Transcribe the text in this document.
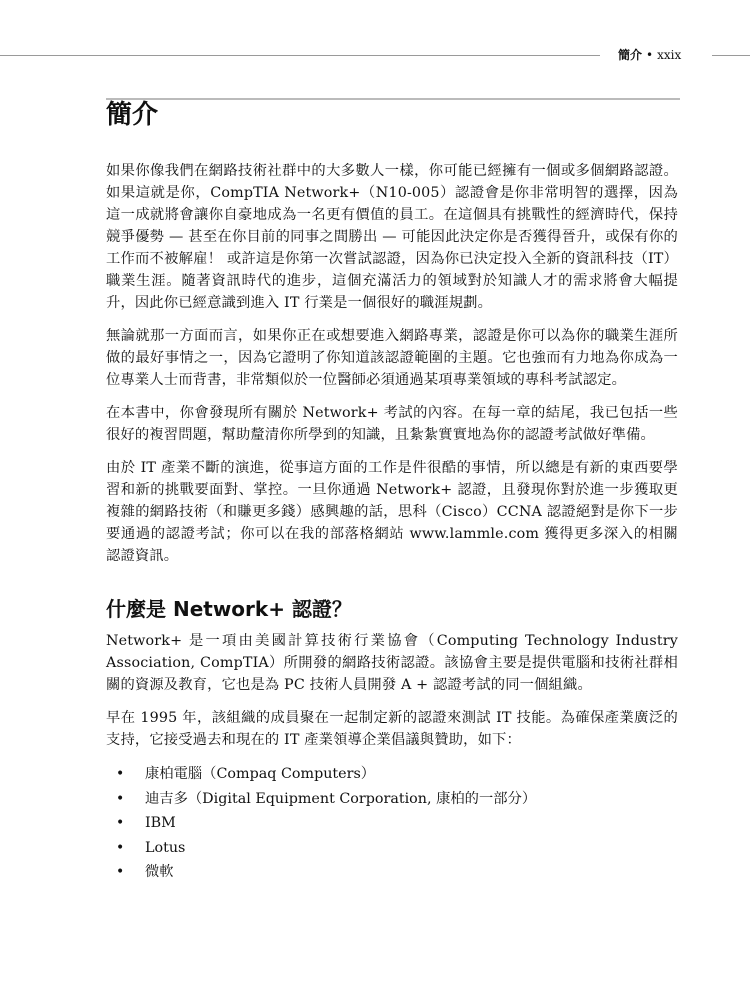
簡介 • xxix
簡介

如果你像我們在網路技術社群中的大多數人一樣，你可能已經擁有一個或多個網路認證。如果這就是你，CompTIA Network+（N10-005）認證會是你非常明智的選擇，因為這一成就將會讓你自豪地成為一名更有價值的員工。在這個具有挑戰性的經濟時代，保持競爭優勢 — 甚至在你目前的同事之間勝出 — 可能因此決定你是否獲得晉升，或保有你的工作而不被解雇！ 或許這是你第一次嘗試認證，因為你已決定投入全新的資訊科技（IT）職業生涯。隨著資訊時代的進步，這個充滿活力的領域對於知識人才的需求將會大幅提升，因此你已經意識到進入 IT 行業是一個很好的職涯規劃。

無論就那一方面而言，如果你正在或想要進入網路專業，認證是你可以為你的職業生涯所做的最好事情之一，因為它證明了你知道該認證範圍的主題。它也強而有力地為你成為一位專業人士而背書，非常類似於一位醫師必須通過某項專業領域的專科考試認定。

在本書中，你會發現所有關於 Network+ 考試的內容。在每一章的結尾，我已包括一些很好的複習問題，幫助釐清你所學到的知識，且紮紮實實地為你的認證考試做好準備。

由於 IT 產業不斷的演進，從事這方面的工作是件很酷的事情，所以總是有新的東西要學習和新的挑戰要面對、掌控。一旦你通過 Network+ 認證，且發現你對於進一步獲取更複雜的網路技術（和賺更多錢）感興趣的話，思科（Cisco）CCNA 認證絕對是你下一步要通過的認證考試；你可以在我的部落格網站 www.lammle.com 獲得更多深入的相關認證資訊。

什麼是 Network+ 認證？

Network+ 是一項由美國計算技術行業協會（Computing Technology Industry Association, CompTIA）所開發的網路技術認證。該協會主要是提供電腦和技術社群相關的資源及教育，它也是為 PC 技術人員開發 A + 認證考試的同一個組織。

早在 1995 年，該組織的成員聚在一起制定新的認證來測試 IT 技能。為確保產業廣泛的支持，它接受過去和現在的 IT 產業領導企業倡議與贊助，如下：

• 康柏電腦（Compaq Computers）
• 迪吉多（Digital Equipment Corporation, 康柏的一部分）
• IBM
• Lotus
• 微軟
